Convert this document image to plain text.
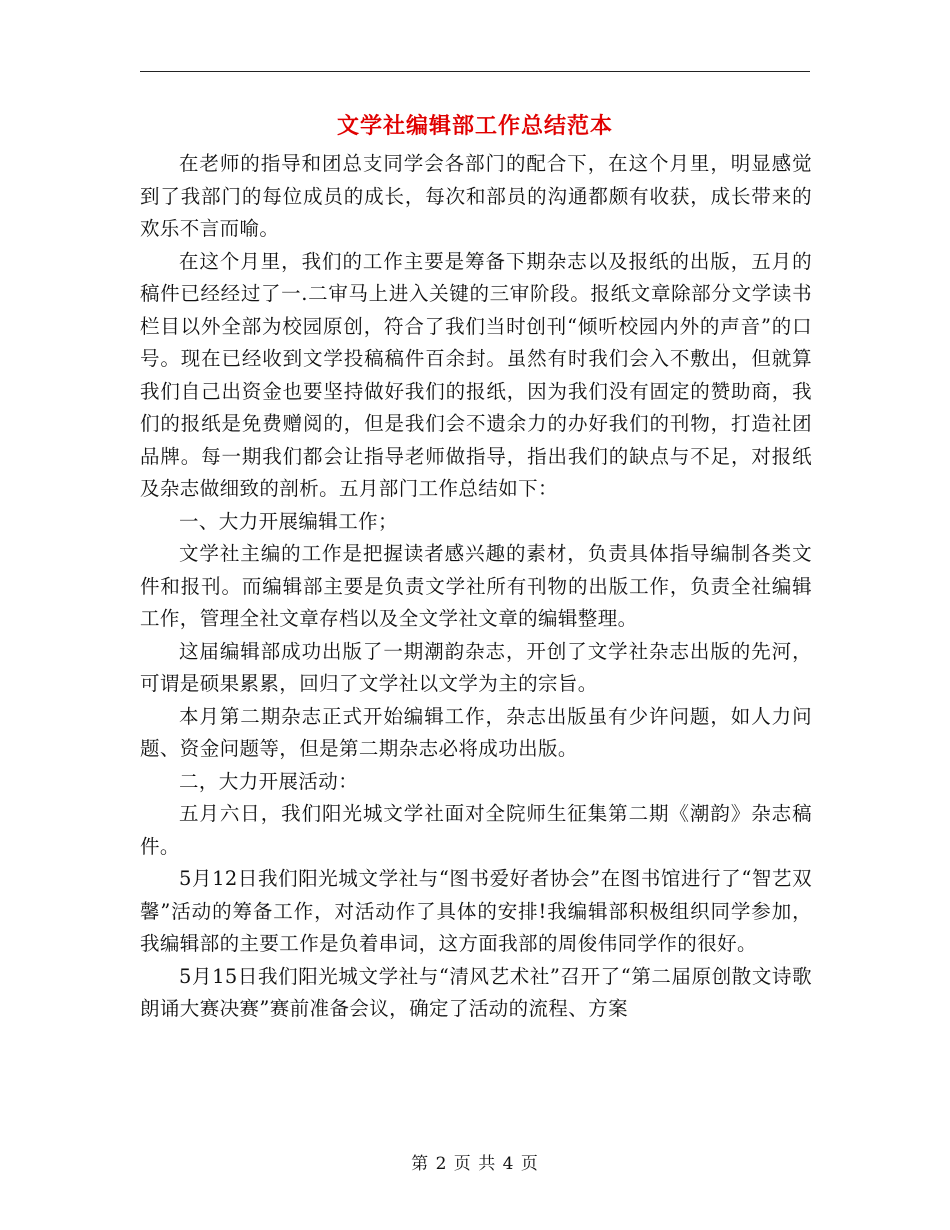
文学社编辑部工作总结范本

在老师的指导和团总支同学会各部门的配合下，在这个月里，明显感觉到了我部门的每位成员的成长，每次和部员的沟通都颇有收获，成长带来的欢乐不言而喻。

在这个月里，我们的工作主要是筹备下期杂志以及报纸的出版，五月的稿件已经经过了一.二审马上进入关键的三审阶段。报纸文章除部分文学读书栏目以外全部为校园原创，符合了我们当时创刊“倾听校园内外的声音”的口号。现在已经收到文学投稿稿件百余封。虽然有时我们会入不敷出，但就算我们自己出资金也要坚持做好我们的报纸，因为我们没有固定的赞助商，我们的报纸是免费赠阅的，但是我们会不遗余力的办好我们的刊物，打造社团品牌。每一期我们都会让指导老师做指导，指出我们的缺点与不足，对报纸及杂志做细致的剖析。五月部门工作总结如下：

一、大力开展编辑工作；

文学社主编的工作是把握读者感兴趣的素材，负责具体指导编制各类文件和报刊。而编辑部主要是负责文学社所有刊物的出版工作，负责全社编辑工作，管理全社文章存档以及全文学社文章的编辑整理。

这届编辑部成功出版了一期潮韵杂志，开创了文学社杂志出版的先河，可谓是硕果累累，回归了文学社以文学为主的宗旨。

本月第二期杂志正式开始编辑工作，杂志出版虽有少许问题，如人力问题、资金问题等，但是第二期杂志必将成功出版。

二，大力开展活动：

五月六日，我们阳光城文学社面对全院师生征集第二期《潮韵》杂志稿件。

5月12日我们阳光城文学社与“图书爱好者协会”在图书馆进行了“智艺双馨”活动的筹备工作，对活动作了具体的安排!我编辑部积极组织同学参加，我编辑部的主要工作是负着串词，这方面我部的周俊伟同学作的很好。

5月15日我们阳光城文学社与“清风艺术社”召开了“第二届原创散文诗歌朗诵大赛决赛”赛前准备会议，确定了活动的流程、方案

第 2 页 共 4 页
